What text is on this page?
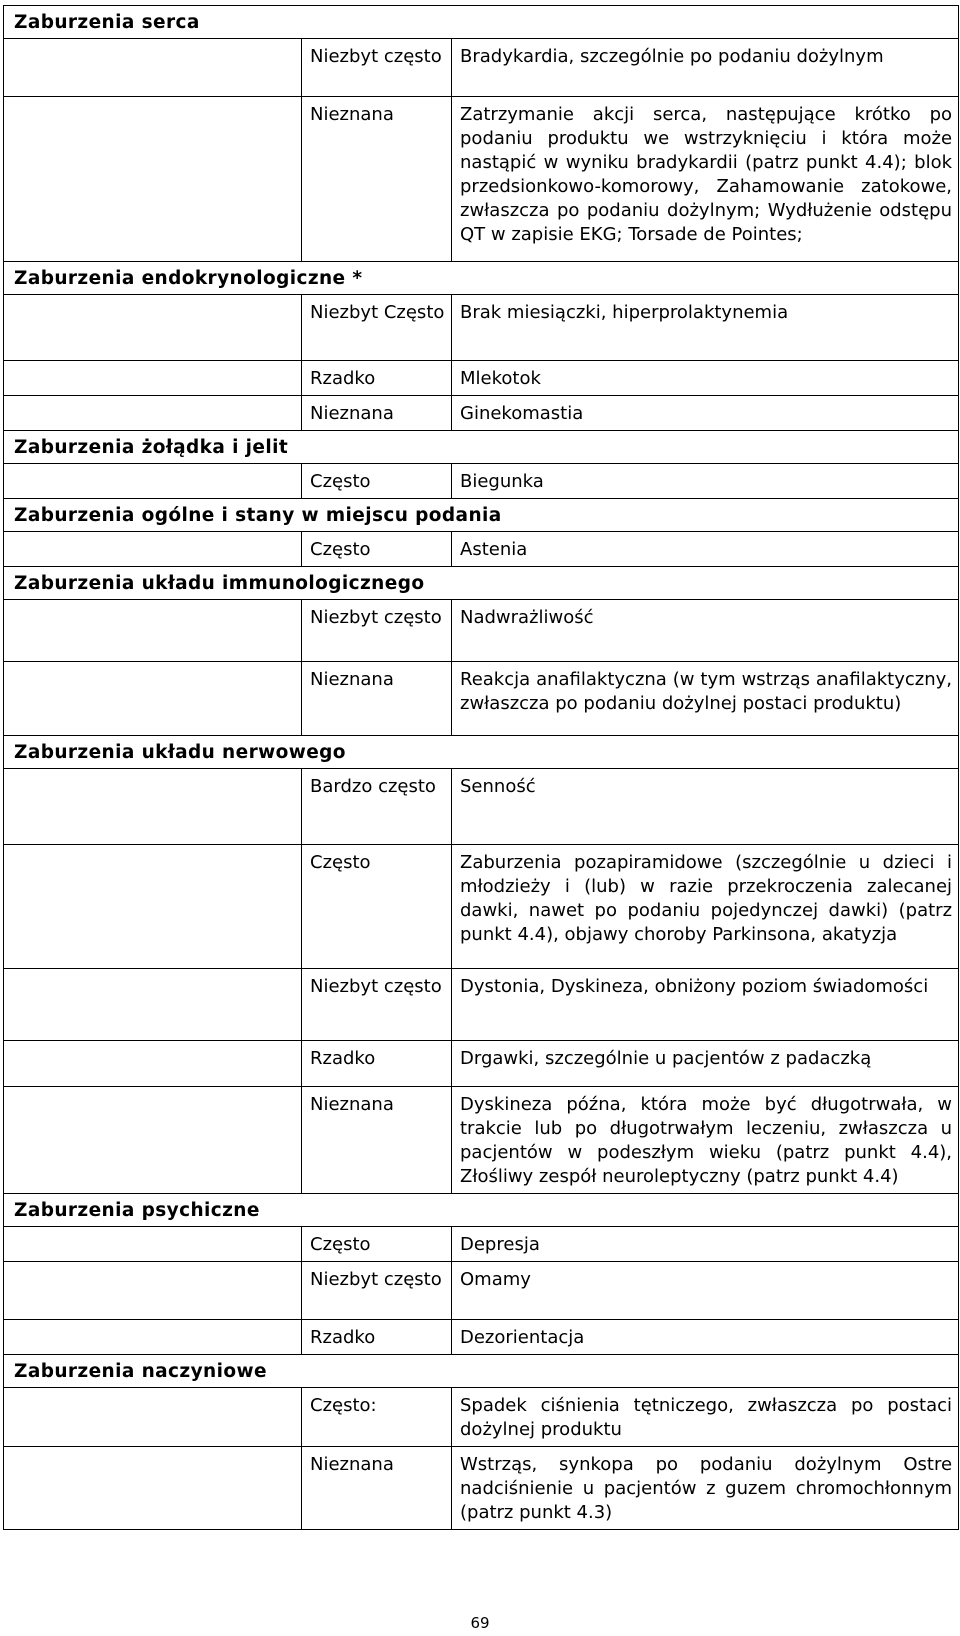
Zaburzenia serca		
	Niezbyt często	Bradykardia, szczególnie po podaniu dożylnym
	Nieznana	Zatrzymanie akcji serca, następujące krótko po podaniu produktu we wstrzyknięciu i która może nastąpić w wyniku bradykardii (patrz punkt 4.4); blok przedsionkowo-komorowy, Zahamowanie zatokowe, zwłaszcza po podaniu dożylnym; Wydłużenie odstępu QT w zapisie EKG; Torsade de Pointes;
Zaburzenia endokrynologiczne *		
	Niezbyt Często	Brak miesiączki, hiperprolaktynemia
	Rzadko	Mlekotok
	Nieznana	Ginekomastia
Zaburzenia żołądka i jelit		
	Często	Biegunka
Zaburzenia ogólne i stany w miejscu podania		
	Często	Astenia
Zaburzenia układu immunologicznego		
	Niezbyt często	Nadwrażliwość
	Nieznana	Reakcja anafilaktyczna (w tym wstrząs anafilaktyczny, zwłaszcza po podaniu dożylnej postaci produktu)
Zaburzenia układu nerwowego		
	Bardzo często	Senność
	Często	Zaburzenia pozapiramidowe (szczególnie u dzieci i młodzieży i (lub) w razie przekroczenia zalecanej dawki, nawet po podaniu pojedynczej dawki) (patrz punkt 4.4), objawy choroby Parkinsona, akatyzja
	Niezbyt często	Dystonia, Dyskineza, obniżony poziom świadomości
	Rzadko	Drgawki, szczególnie u pacjentów z padaczką
	Nieznana	Dyskineza późna, która może być długotrwała, w trakcie lub po długotrwałym leczeniu, zwłaszcza u pacjentów w podeszłym wieku (patrz punkt 4.4), Złośliwy zespół neuroleptyczny (patrz punkt 4.4)
Zaburzenia psychiczne		
	Często	Depresja
	Niezbyt często	Omamy
	Rzadko	Dezorientacja
Zaburzenia naczyniowe		
	Często:	Spadek ciśnienia tętniczego, zwłaszcza po postaci dożylnej produktu
	Nieznana	Wstrząs, synkopa po podaniu dożylnym Ostre nadciśnienie u pacjentów z guzem chromochłonnym (patrz punkt 4.3)
69
